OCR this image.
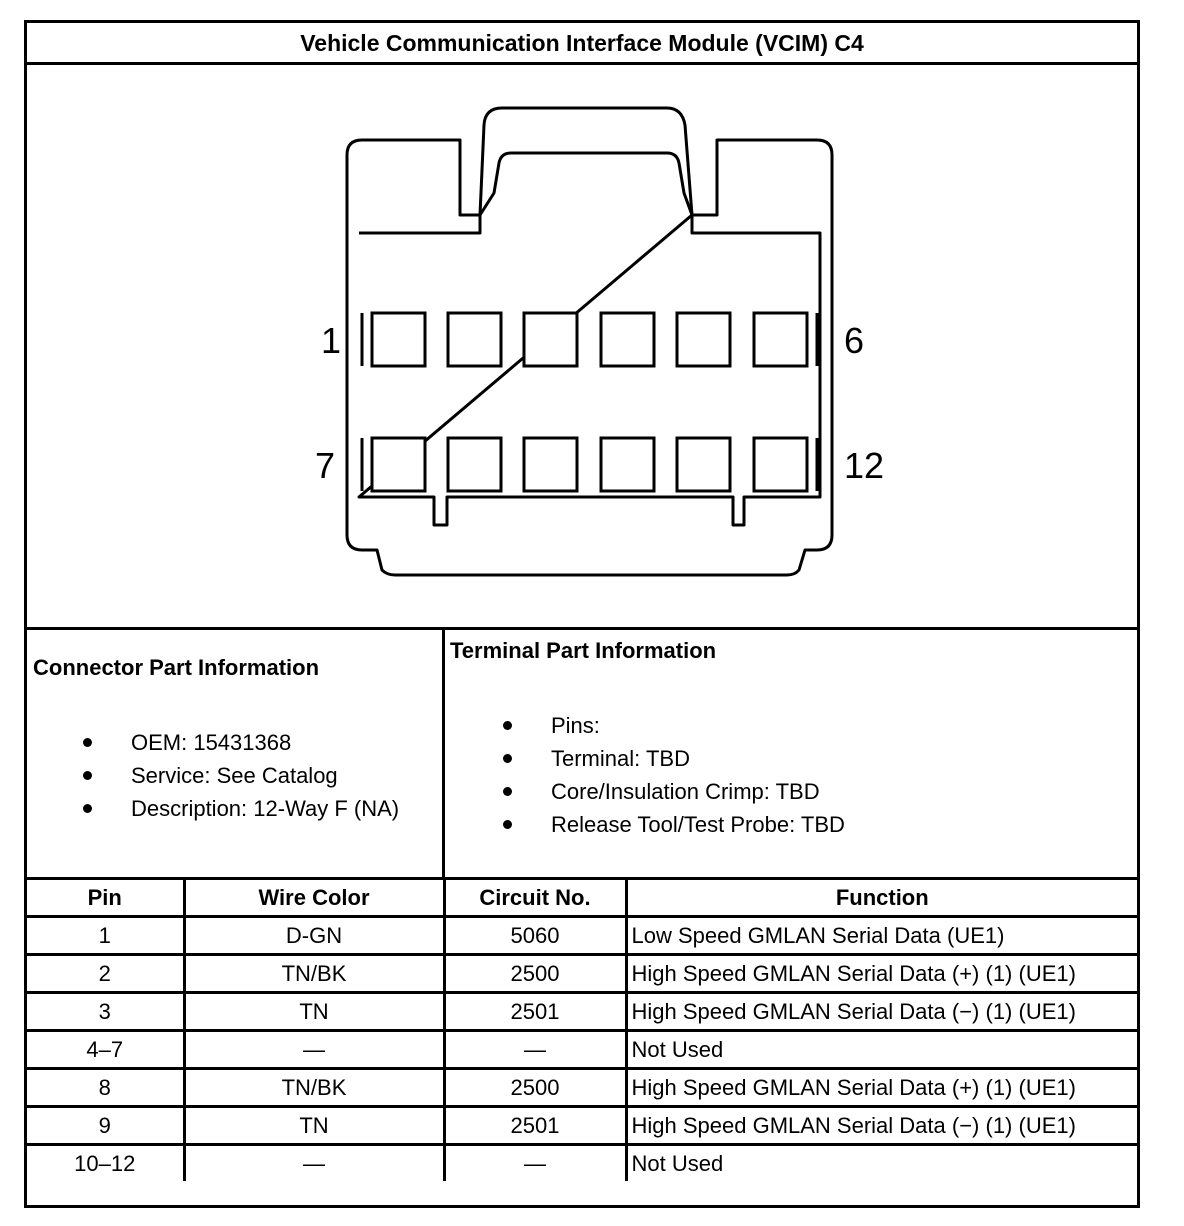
Vehicle Communication Interface Module (VCIM) C4
1	6
7	12
Connector Part Information
OEM: 15431368
Service: See Catalog
Description: 12-Way F (NA)
Terminal Part Information
Pins:
Terminal: TBD
Core/Insulation Crimp: TBD
Release Tool/Test Probe: TBD
Pin	Wire Color	Circuit No.	Function
1	D-GN	5060	Low Speed GMLAN Serial Data (UE1)
2	TN/BK	2500	High Speed GMLAN Serial Data (+) (1) (UE1)
3	TN	2501	High Speed GMLAN Serial Data (−) (1) (UE1)
4–7	—	—	Not Used
8	TN/BK	2500	High Speed GMLAN Serial Data (+) (1) (UE1)
9	TN	2501	High Speed GMLAN Serial Data (−) (1) (UE1)
10–12	—	—	Not Used
